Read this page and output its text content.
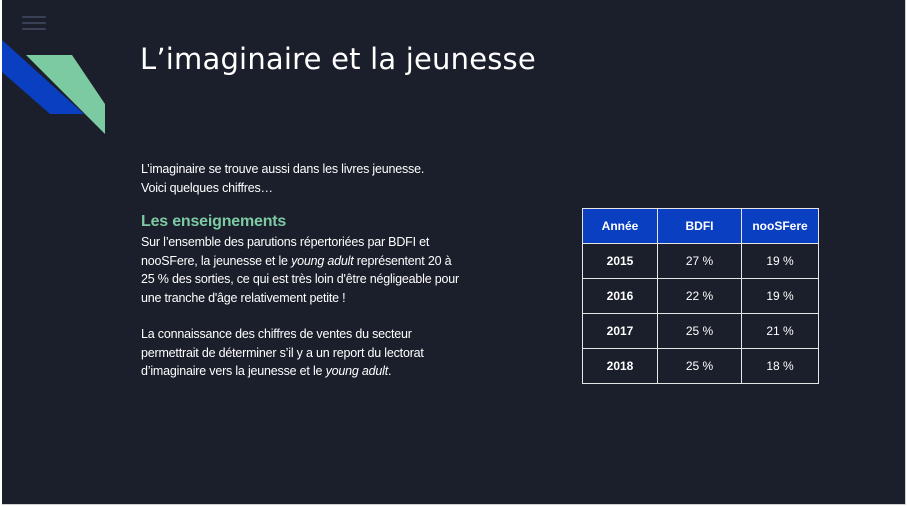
L’imaginaire et la jeunesse

L’imaginaire se trouve aussi dans les livres jeunesse.
Voici quelques chiffres…

Les enseignements

Sur l’ensemble des parutions répertoriées par BDFI et nooSFere, la jeunesse et le young adult représentent 20 à 25 % des sorties, ce qui est très loin d'être négligeable pour une tranche d'âge relativement petite !

La connaissance des chiffres de ventes du secteur permettrait de déterminer s’il y a un report du lectorat d’imaginaire vers la jeunesse et le young adult.

Année	BDFI	nooSFere
2015	27 %	19 %
2016	22 %	19 %
2017	25 %	21 %
2018	25 %	18 %
